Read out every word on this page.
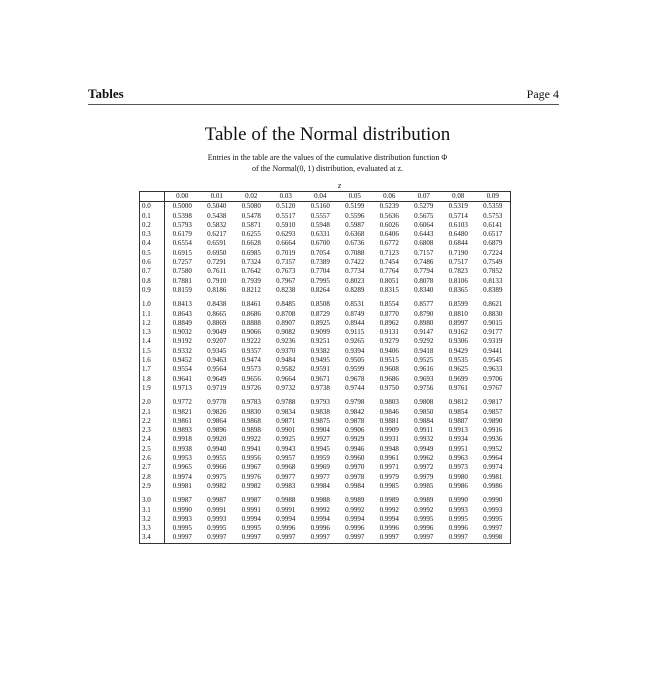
Tables	Page 4
Table of the Normal distribution
Entries in the table are the values of the cumulative distribution function Φ
of the Normal(0, 1) distribution, evaluated at z.
z
	0.00	0.01	0.02	0.03	0.04	0.05	0.06	0.07	0.08	0.09
0.0	0.5000	0.5040	0.5080	0.5120	0.5160	0.5199	0.5239	0.5279	0.5319	0.5359
0.1	0.5398	0.5438	0.5478	0.5517	0.5557	0.5596	0.5636	0.5675	0.5714	0.5753
0.2	0.5793	0.5832	0.5871	0.5910	0.5948	0.5987	0.6026	0.6064	0.6103	0.6141
0.3	0.6179	0.6217	0.6255	0.6293	0.6331	0.6368	0.6406	0.6443	0.6480	0.6517
0.4	0.6554	0.6591	0.6628	0.6664	0.6700	0.6736	0.6772	0.6808	0.6844	0.6879
0.5	0.6915	0.6950	0.6985	0.7019	0.7054	0.7088	0.7123	0.7157	0.7190	0.7224
0.6	0.7257	0.7291	0.7324	0.7357	0.7389	0.7422	0.7454	0.7486	0.7517	0.7549
0.7	0.7580	0.7611	0.7642	0.7673	0.7704	0.7734	0.7764	0.7794	0.7823	0.7852
0.8	0.7881	0.7910	0.7939	0.7967	0.7995	0.8023	0.8051	0.8078	0.8106	0.8133
0.9	0.8159	0.8186	0.8212	0.8238	0.8264	0.8289	0.8315	0.8340	0.8365	0.8389

1.0	0.8413	0.8438	0.8461	0.8485	0.8508	0.8531	0.8554	0.8577	0.8599	0.8621
1.1	0.8643	0.8665	0.8686	0.8708	0.8729	0.8749	0.8770	0.8790	0.8810	0.8830
1.2	0.8849	0.8869	0.8888	0.8907	0.8925	0.8944	0.8962	0.8980	0.8997	0.9015
1.3	0.9032	0.9049	0.9066	0.9082	0.9099	0.9115	0.9131	0.9147	0.9162	0.9177
1.4	0.9192	0.9207	0.9222	0.9236	0.9251	0.9265	0.9279	0.9292	0.9306	0.9319
1.5	0.9332	0.9345	0.9357	0.9370	0.9382	0.9394	0.9406	0.9418	0.9429	0.9441
1.6	0.9452	0.9463	0.9474	0.9484	0.9495	0.9505	0.9515	0.9525	0.9535	0.9545
1.7	0.9554	0.9564	0.9573	0.9582	0.9591	0.9599	0.9608	0.9616	0.9625	0.9633
1.8	0.9641	0.9649	0.9656	0.9664	0.9671	0.9678	0.9686	0.9693	0.9699	0.9706
1.9	0.9713	0.9719	0.9726	0.9732	0.9738	0.9744	0.9750	0.9756	0.9761	0.9767

2.0	0.9772	0.9778	0.9783	0.9788	0.9793	0.9798	0.9803	0.9808	0.9812	0.9817
2.1	0.9821	0.9826	0.9830	0.9834	0.9838	0.9842	0.9846	0.9850	0.9854	0.9857
2.2	0.9861	0.9864	0.9868	0.9871	0.9875	0.9878	0.9881	0.9884	0.9887	0.9890
2.3	0.9893	0.9896	0.9898	0.9901	0.9904	0.9906	0.9909	0.9911	0.9913	0.9916
2.4	0.9918	0.9920	0.9922	0.9925	0.9927	0.9929	0.9931	0.9932	0.9934	0.9936
2.5	0.9938	0.9940	0.9941	0.9943	0.9945	0.9946	0.9948	0.9949	0.9951	0.9952
2.6	0.9953	0.9955	0.9956	0.9957	0.9959	0.9960	0.9961	0.9962	0.9963	0.9964
2.7	0.9965	0.9966	0.9967	0.9968	0.9969	0.9970	0.9971	0.9972	0.9973	0.9974
2.8	0.9974	0.9975	0.9976	0.9977	0.9977	0.9978	0.9979	0.9979	0.9980	0.9981
2.9	0.9981	0.9982	0.9982	0.9983	0.9984	0.9984	0.9985	0.9985	0.9986	0.9986

3.0	0.9987	0.9987	0.9987	0.9988	0.9988	0.9989	0.9989	0.9989	0.9990	0.9990
3.1	0.9990	0.9991	0.9991	0.9991	0.9992	0.9992	0.9992	0.9992	0.9993	0.9993
3.2	0.9993	0.9993	0.9994	0.9994	0.9994	0.9994	0.9994	0.9995	0.9995	0.9995
3.3	0.9995	0.9995	0.9995	0.9996	0.9996	0.9996	0.9996	0.9996	0.9996	0.9997
3.4	0.9997	0.9997	0.9997	0.9997	0.9997	0.9997	0.9997	0.9997	0.9997	0.9998
